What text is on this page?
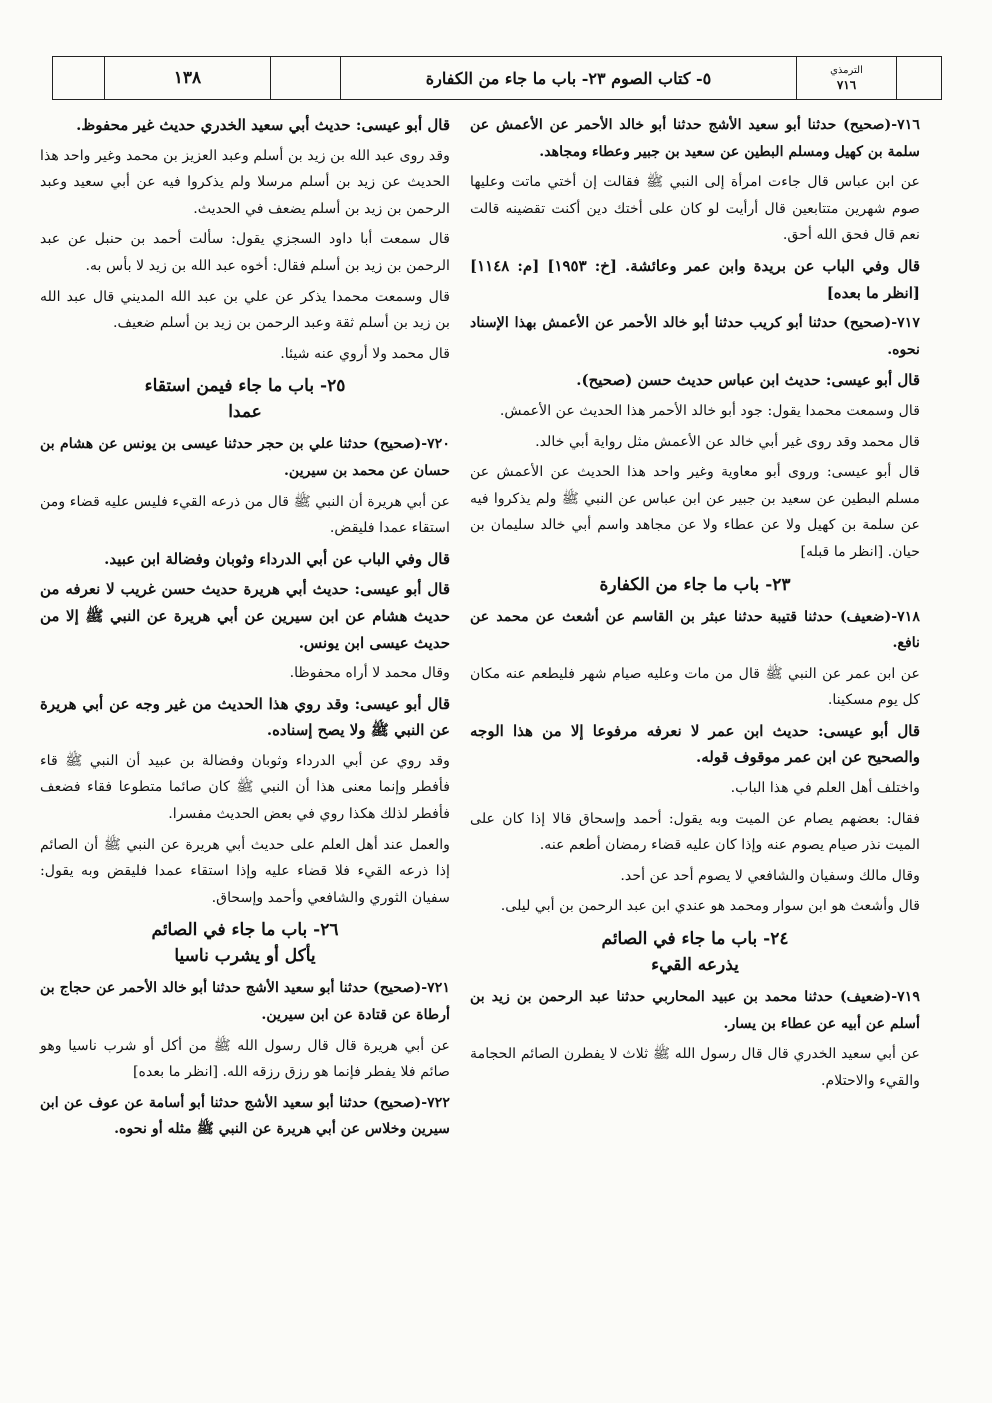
١٣٨	٥- كتاب الصوم ٢٣- باب ما جاء من الكفارة	الترمذي
٧١٦

٧١٦-(صحيح) حدثنا أبو سعيد الأشج حدثنا أبو خالد الأحمر عن الأعمش عن سلمة بن كهيل ومسلم البطين عن سعيد بن جبير وعطاء ومجاهد.

عن ابن عباس قال جاءت امرأة إلى النبي ﷺ فقالت إن أختي ماتت وعليها صوم شهرين متتابعين قال أرأيت لو كان على أختك دين أكنت تقضينه قالت نعم قال فحق الله أحق.

قال وفي الباب عن بريدة وابن عمر وعائشة. [خ: ١٩٥٣] [م: ١١٤٨] [انظر ما بعده]

٧١٧-(صحيح) حدثنا أبو كريب حدثنا أبو خالد الأحمر عن الأعمش بهذا الإسناد نحوه.

قال أبو عيسى: حديث ابن عباس حديث حسن (صحيح).

قال وسمعت محمدا يقول: جود أبو خالد الأحمر هذا الحديث عن الأعمش.

قال محمد وقد روى غير أبي خالد عن الأعمش مثل رواية أبي خالد.

قال أبو عيسى: وروى أبو معاوية وغير واحد هذا الحديث عن الأعمش عن مسلم البطين عن سعيد بن جبير عن ابن عباس عن النبي ﷺ ولم يذكروا فيه عن سلمة بن كهيل ولا عن عطاء ولا عن مجاهد واسم أبي خالد سليمان بن حيان. [انظر ما قبله]

٢٣- باب ما جاء من الكفارة

٧١٨-(ضعيف) حدثنا قتيبة حدثنا عبثر بن القاسم عن أشعث عن محمد عن نافع.

عن ابن عمر عن النبي ﷺ قال من مات وعليه صيام شهر فليطعم عنه مكان كل يوم مسكينا.

قال أبو عيسى: حديث ابن عمر لا نعرفه مرفوعا إلا من هذا الوجه والصحيح عن ابن عمر موقوف قوله.

واختلف أهل العلم في هذا الباب.

فقال: بعضهم يصام عن الميت وبه يقول: أحمد وإسحاق قالا إذا كان على الميت نذر صيام يصوم عنه وإذا كان عليه قضاء رمضان أطعم عنه.

وقال مالك وسفيان والشافعي لا يصوم أحد عن أحد.

قال وأشعث هو ابن سوار ومحمد هو عندي ابن عبد الرحمن بن أبي ليلى.

٢٤- باب ما جاء في الصائم
يذرعه القيء

٧١٩-(ضعيف) حدثنا محمد بن عبيد المحاربي حدثنا عبد الرحمن بن زيد بن أسلم عن أبيه عن عطاء بن يسار.

عن أبي سعيد الخدري قال قال رسول الله ﷺ ثلاث لا يفطرن الصائم الحجامة والقيء والاحتلام.

قال أبو عيسى: حديث أبي سعيد الخدري حديث غير محفوظ.

وقد روى عبد الله بن زيد بن أسلم وعبد العزيز بن محمد وغير واحد هذا الحديث عن زيد بن أسلم مرسلا ولم يذكروا فيه عن أبي سعيد وعبد الرحمن بن زيد بن أسلم يضعف في الحديث.

قال سمعت أبا داود السجزي يقول: سألت أحمد بن حنبل عن عبد الرحمن بن زيد بن أسلم فقال: أخوه عبد الله بن زيد لا بأس به.

قال وسمعت محمدا يذكر عن علي بن عبد الله المديني قال عبد الله بن زيد بن أسلم ثقة وعبد الرحمن بن زيد بن أسلم ضعيف.

قال محمد ولا أروي عنه شيئا.

٢٥- باب ما جاء فيمن استقاء
عمدا

٧٢٠-(صحيح) حدثنا علي بن حجر حدثنا عيسى بن يونس عن هشام بن حسان عن محمد بن سيرين.

عن أبي هريرة أن النبي ﷺ قال من ذرعه القيء فليس عليه قضاء ومن استقاء عمدا فليقض.

قال وفي الباب عن أبي الدرداء وثوبان وفضالة ابن عبيد.

قال أبو عيسى: حديث أبي هريرة حديث حسن غريب لا نعرفه من حديث هشام عن ابن سيرين عن أبي هريرة عن النبي ﷺ إلا من حديث عيسى ابن يونس.

وقال محمد لا أراه محفوظا.

قال أبو عيسى: وقد روي هذا الحديث من غير وجه عن أبي هريرة عن النبي ﷺ ولا يصح إسناده.

وقد روي عن أبي الدرداء وثوبان وفضالة بن عبيد أن النبي ﷺ قاء فأفطر وإنما معنى هذا أن النبي ﷺ كان صائما متطوعا فقاء فضعف فأفطر لذلك هكذا روي في بعض الحديث مفسرا.

والعمل عند أهل العلم على حديث أبي هريرة عن النبي ﷺ أن الصائم إذا ذرعه القيء فلا قضاء عليه وإذا استقاء عمدا فليقض وبه يقول: سفيان الثوري والشافعي وأحمد وإسحاق.

٢٦- باب ما جاء في الصائم
يأكل أو يشرب ناسيا

٧٢١-(صحيح) حدثنا أبو سعيد الأشج حدثنا أبو خالد الأحمر عن حجاج بن أرطاة عن قتادة عن ابن سيرين.

عن أبي هريرة قال قال رسول الله ﷺ من أكل أو شرب ناسيا وهو صائم فلا يفطر فإنما هو رزق رزقه الله. [انظر ما بعده]

٧٢٢-(صحيح) حدثنا أبو سعيد الأشج حدثنا أبو أسامة عن عوف عن ابن سيرين وخلاس عن أبي هريرة عن النبي ﷺ مثله أو نحوه.
